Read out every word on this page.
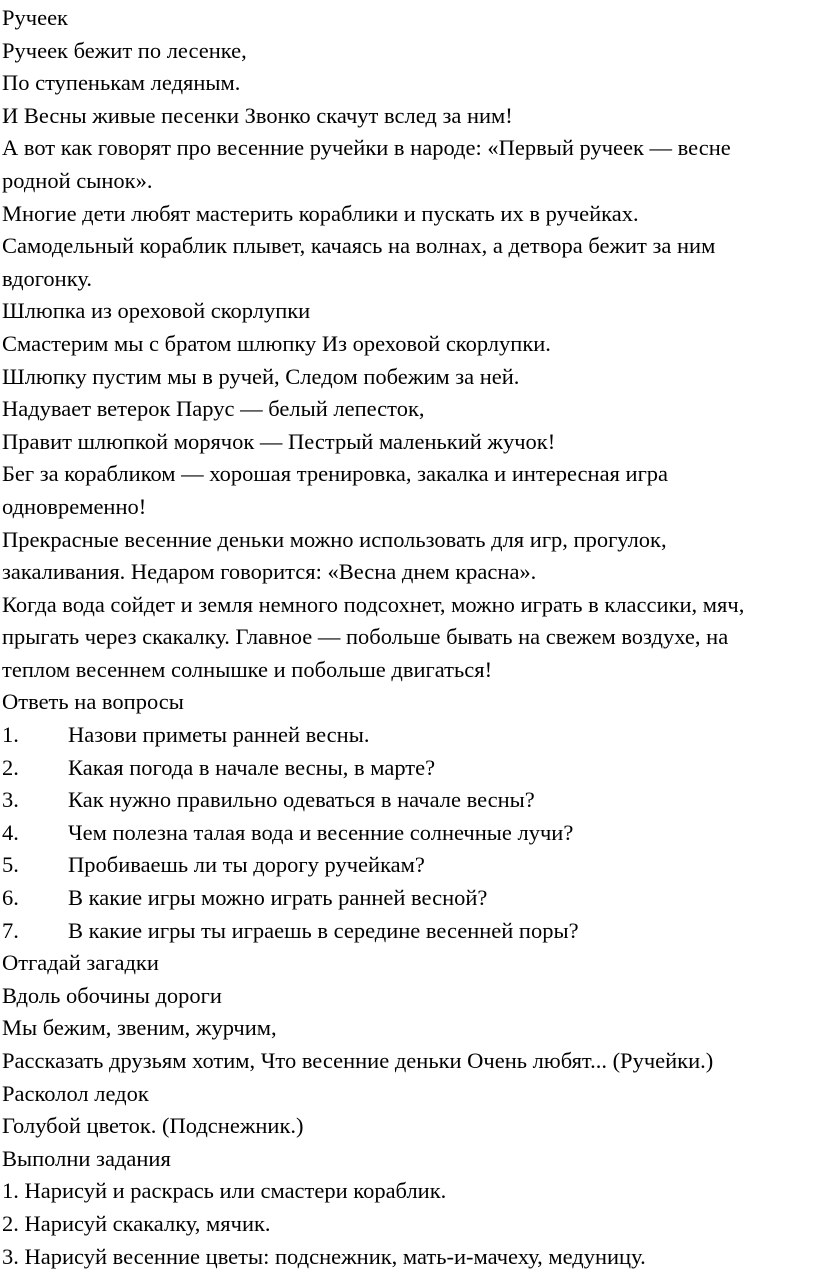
Ручеек
Ручеек бежит по лесенке,
По ступенькам ледяным.
И Весны живые песенки Звонко скачут вслед за ним!
А вот как говорят про весенние ручейки в народе: «Первый ручеек — весне
родной сынок».
Многие дети любят мастерить кораблики и пускать их в ручейках.
Самодельный кораблик плывет, качаясь на волнах, а детвора бежит за ним
вдогонку.
Шлюпка из ореховой скорлупки
Смастерим мы с братом шлюпку Из ореховой скорлупки.
Шлюпку пустим мы в ручей, Следом побежим за ней.
Надувает ветерок Парус — белый лепесток,
Правит шлюпкой морячок — Пестрый маленький жучок!
Бег за корабликом — хорошая тренировка, закалка и интересная игра
одновременно!
Прекрасные весенние деньки можно использовать для игр, прогулок,
закаливания. Недаром говорится: «Весна днем красна».
Когда вода сойдет и земля немного подсохнет, можно играть в классики, мяч,
прыгать через скакалку. Главное — побольше бывать на свежем воздухе, на
теплом весеннем солнышке и побольше двигаться!
Ответь на вопросы
1.	Назови приметы ранней весны.
2.	Какая погода в начале весны, в марте?
3.	Как нужно правильно одеваться в начале весны?
4.	Чем полезна талая вода и весенние солнечные лучи?
5.	Пробиваешь ли ты дорогу ручейкам?
6.	В какие игры можно играть ранней весной?
7.	В какие игры ты играешь в середине весенней поры?
Отгадай загадки
Вдоль обочины дороги
Мы бежим, звеним, журчим,
Рассказать друзьям хотим, Что весенние деньки Очень любят... (Ручейки.)
Расколол ледок
Голубой цветок. (Подснежник.)
Выполни задания
1. Нарисуй и раскрась или смастери кораблик.
2. Нарисуй скакалку, мячик.
3. Нарисуй весенние цветы: подснежник, мать-и-мачеху, медуницу.
